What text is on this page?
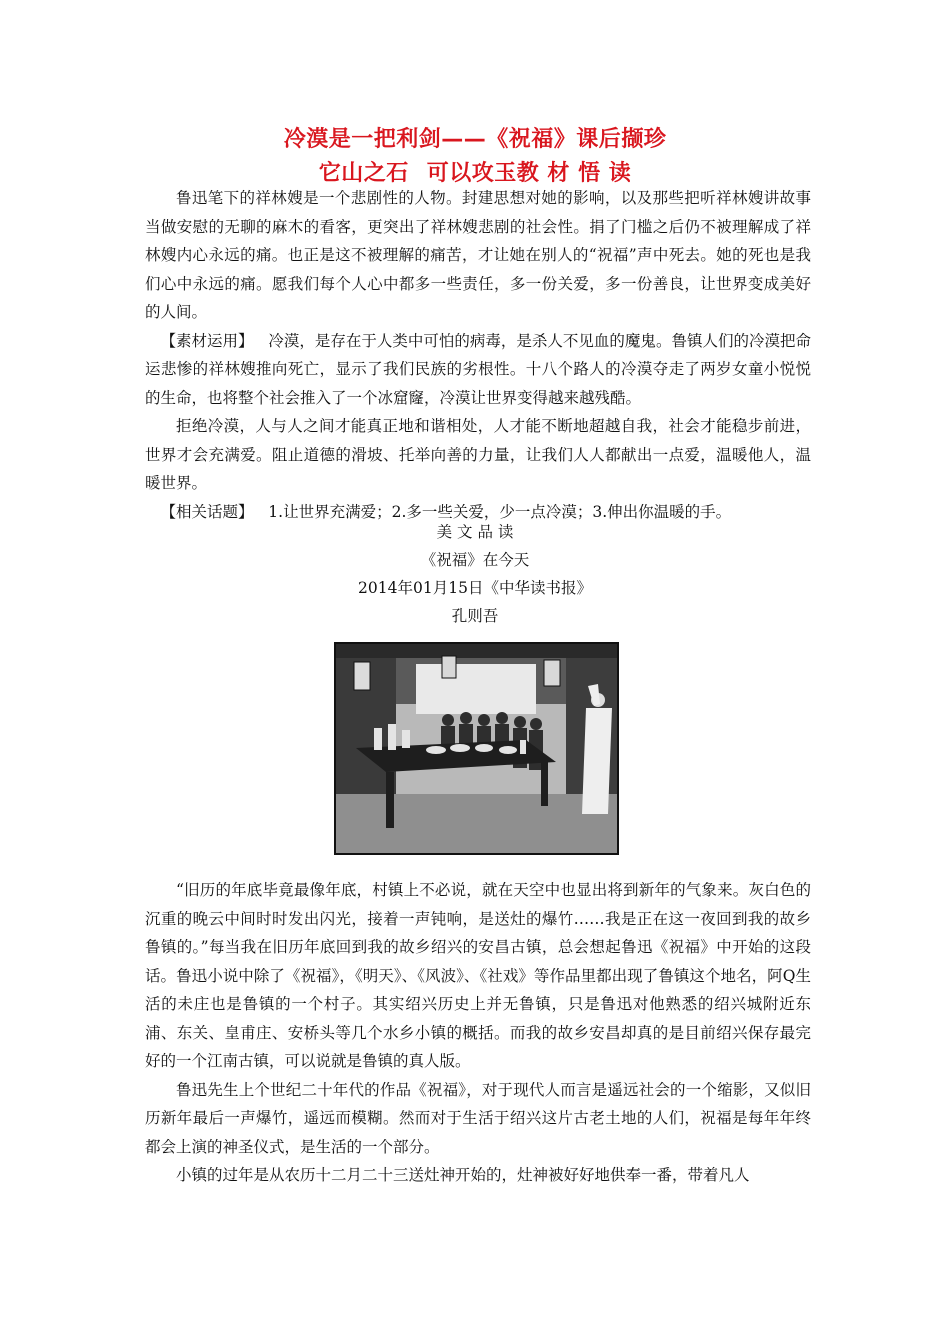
冷漠是一把利剑——《祝福》课后撷珍
它山之石 可以攻玉教 材 悟 读

鲁迅笔下的祥林嫂是一个悲剧性的人物。封建思想对她的影响，以及那些把听祥林嫂讲故事当做安慰的无聊的麻木的看客，更突出了祥林嫂悲剧的社会性。捐了门槛之后仍不被理解成了祥林嫂内心永远的痛。也正是这不被理解的痛苦，才让她在别人的“祝福”声中死去。她的死也是我们心中永远的痛。愿我们每个人心中都多一些责任，多一份关爱，多一份善良，让世界变成美好的人间。

【素材运用】 冷漠，是存在于人类中可怕的病毒，是杀人不见血的魔鬼。鲁镇人们的冷漠把命运悲惨的祥林嫂推向死亡，显示了我们民族的劣根性。十八个路人的冷漠夺走了两岁女童小悦悦的生命，也将整个社会推入了一个冰窟窿，冷漠让世界变得越来越残酷。

拒绝冷漠，人与人之间才能真正地和谐相处，人才能不断地超越自我，社会才能稳步前进，世界才会充满爱。阻止道德的滑坡、托举向善的力量，让我们人人都献出一点爱，温暖他人，温暖世界。

【相关话题】 1.让世界充满爱；2.多一些关爱，少一点冷漠；3.伸出你温暖的手。

美 文 品 读
《祝福》在今天
2014年01月15日《中华读书报》
孔则吾

“旧历的年底毕竟最像年底，村镇上不必说，就在天空中也显出将到新年的气象来。灰白色的沉重的晚云中间时时发出闪光，接着一声钝响，是送灶的爆竹……我是正在这一夜回到我的故乡鲁镇的。”每当我在旧历年底回到我的故乡绍兴的安昌古镇，总会想起鲁迅《祝福》中开始的这段话。鲁迅小说中除了《祝福》，《明天》、《风波》、《社戏》等作品里都出现了鲁镇这个地名，阿Q生活的未庄也是鲁镇的一个村子。其实绍兴历史上并无鲁镇，只是鲁迅对他熟悉的绍兴城附近东浦、东关、皇甫庄、安桥头等几个水乡小镇的概括。而我的故乡安昌却真的是目前绍兴保存最完好的一个江南古镇，可以说就是鲁镇的真人版。

鲁迅先生上个世纪二十年代的作品《祝福》，对于现代人而言是遥远社会的一个缩影，又似旧历新年最后一声爆竹，遥远而模糊。然而对于生活于绍兴这片古老土地的人们，祝福是每年年终都会上演的神圣仪式，是生活的一个部分。

小镇的过年是从农历十二月二十三送灶神开始的，灶神被好好地供奉一番，带着凡人
